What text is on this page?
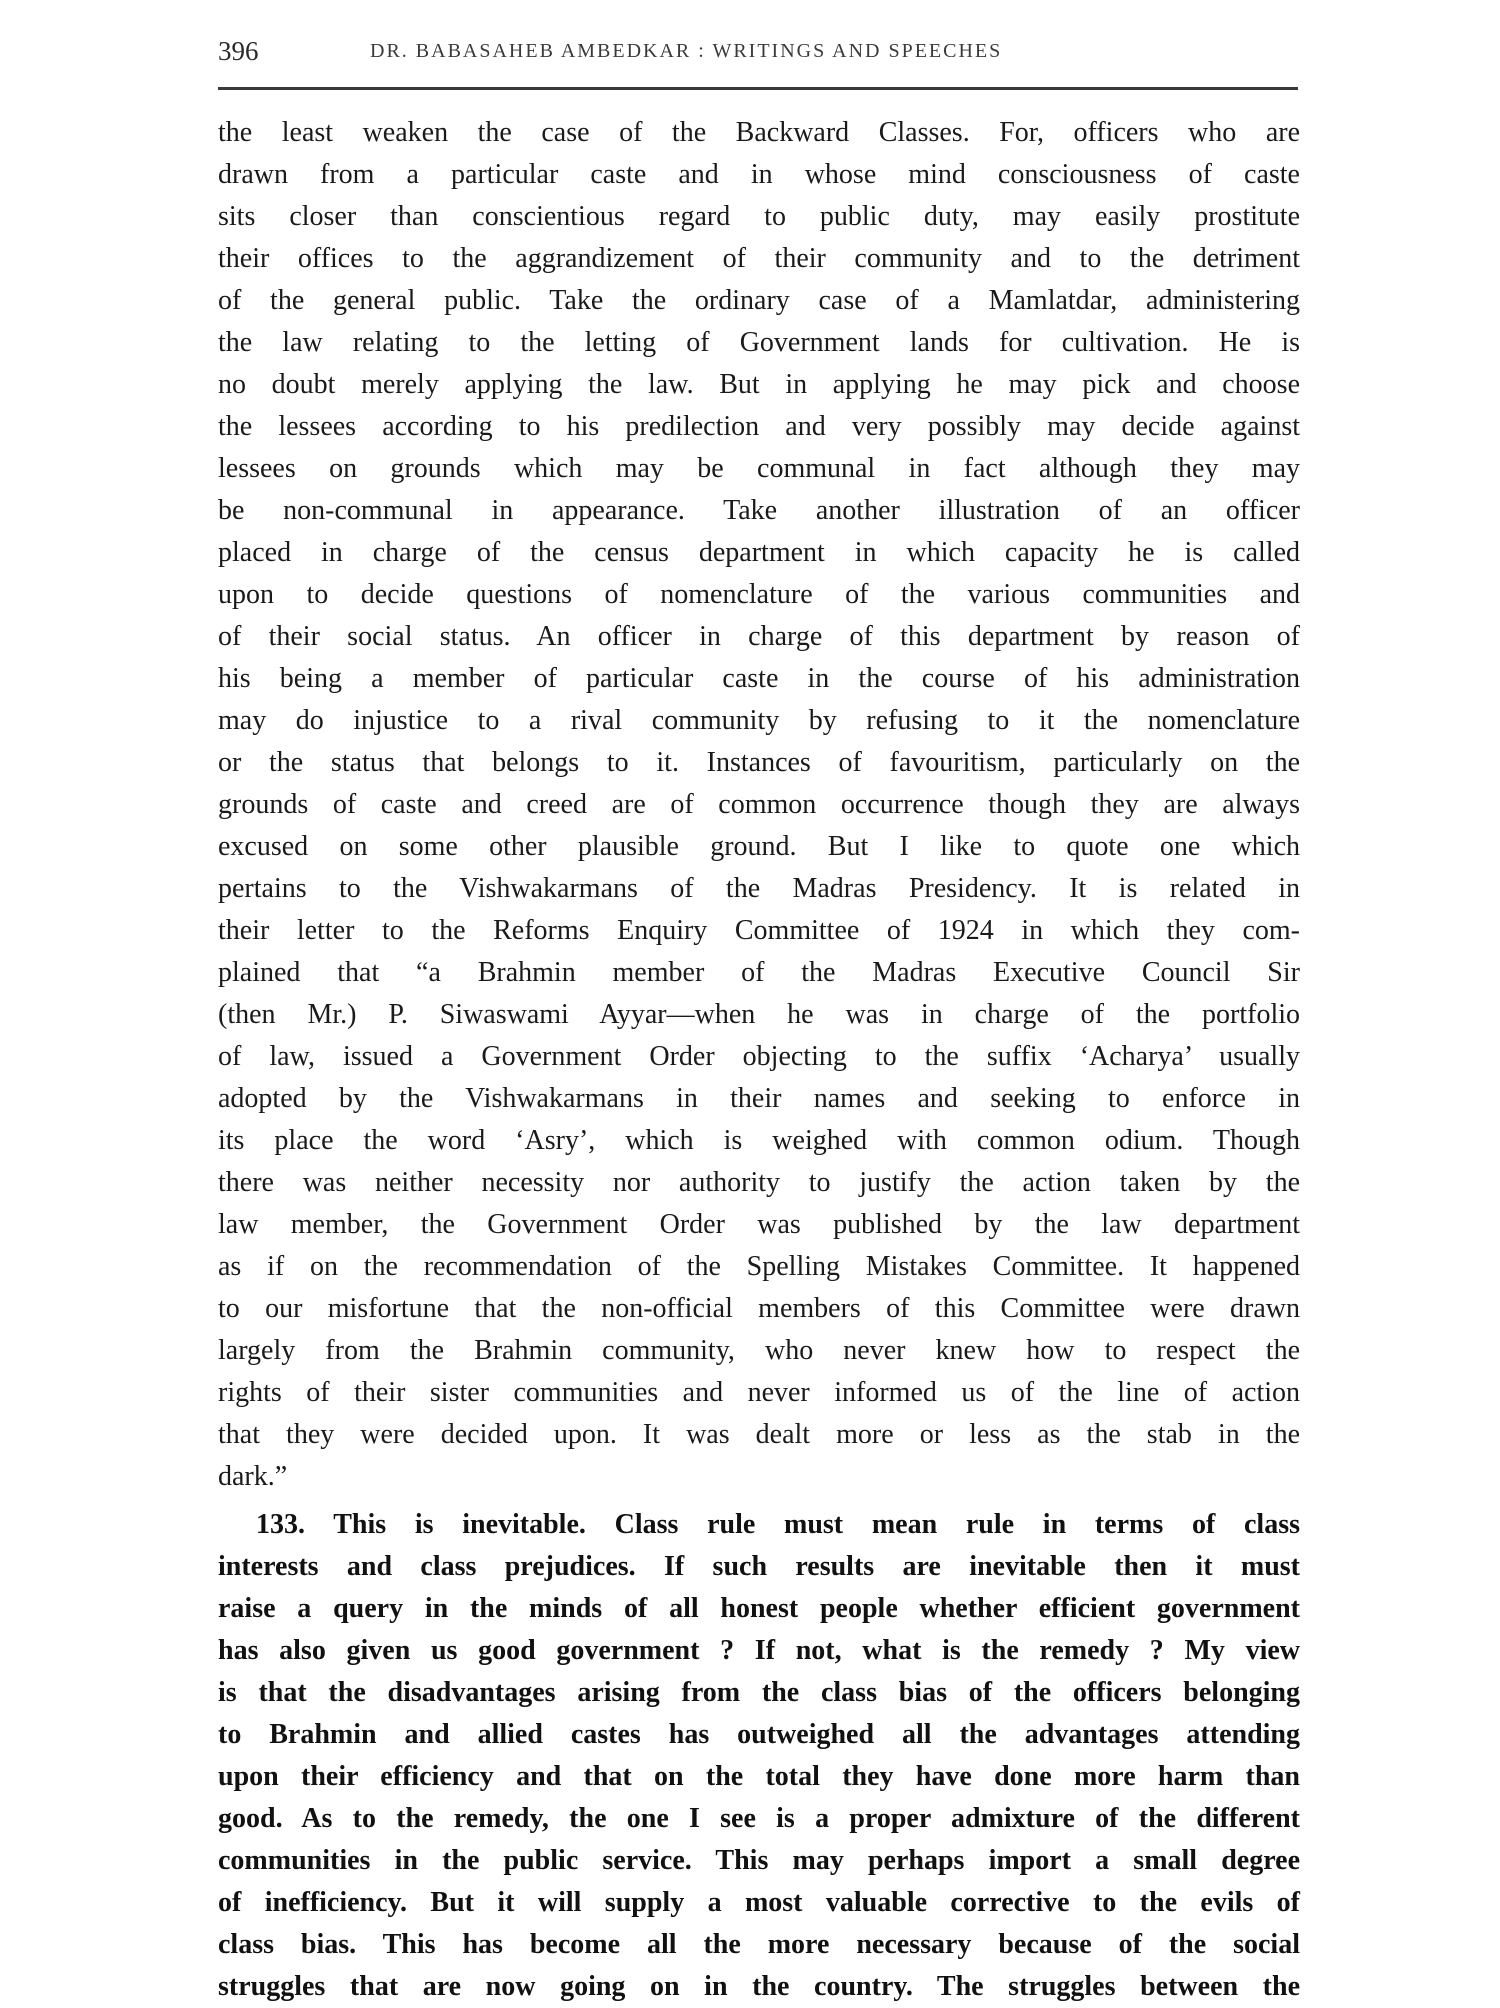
396	DR. BABASAHEB AMBEDKAR : WRITINGS AND SPEECHES
the least weaken the case of the Backward Classes. For, officers who are
drawn from a particular caste and in whose mind consciousness of caste
sits closer than conscientious regard to public duty, may easily prostitute
their offices to the aggrandizement of their community and to the detriment
of the general public. Take the ordinary case of a Mamlatdar, administering
the law relating to the letting of Government lands for cultivation. He is
no doubt merely applying the law. But in applying he may pick and choose
the lessees according to his predilection and very possibly may decide against
lessees on grounds which may be communal in fact although they may
be non-communal in appearance. Take another illustration of an officer
placed in charge of the census department in which capacity he is called
upon to decide questions of nomenclature of the various communities and
of their social status. An officer in charge of this department by reason of
his being a member of particular caste in the course of his administration
may do injustice to a rival community by refusing to it the nomenclature
or the status that belongs to it. Instances of favouritism, particularly on the
grounds of caste and creed are of common occurrence though they are always
excused on some other plausible ground. But I like to quote one which
pertains to the Vishwakarmans of the Madras Presidency. It is related in
their letter to the Reforms Enquiry Committee of 1924 in which they com-
plained that “a Brahmin member of the Madras Executive Council Sir
(then Mr.) P. Siwaswami Ayyar—when he was in charge of the portfolio
of law, issued a Government Order objecting to the suffix ‘Acharya’ usually
adopted by the Vishwakarmans in their names and seeking to enforce in
its place the word ‘Asry’, which is weighed with common odium. Though
there was neither necessity nor authority to justify the action taken by the
law member, the Government Order was published by the law department
as if on the recommendation of the Spelling Mistakes Committee. It happened
to our misfortune that the non-official members of this Committee were drawn
largely from the Brahmin community, who never knew how to respect the
rights of their sister communities and never informed us of the line of action
that they were decided upon. It was dealt more or less as the stab in the
dark.”
133. This is inevitable. Class rule must mean rule in terms of class
interests and class prejudices. If such results are inevitable then it must
raise a query in the minds of all honest people whether efficient government
has also given us good government ? If not, what is the remedy ? My view
is that the disadvantages arising from the class bias of the officers belonging
to Brahmin and allied castes has outweighed all the advantages attending
upon their efficiency and that on the total they have done more harm than
good. As to the remedy, the one I see is a proper admixture of the different
communities in the public service. This may perhaps import a small degree
of inefficiency. But it will supply a most valuable corrective to the evils of
class bias. This has become all the more necessary because of the social
struggles that are now going on in the country. The struggles between the
